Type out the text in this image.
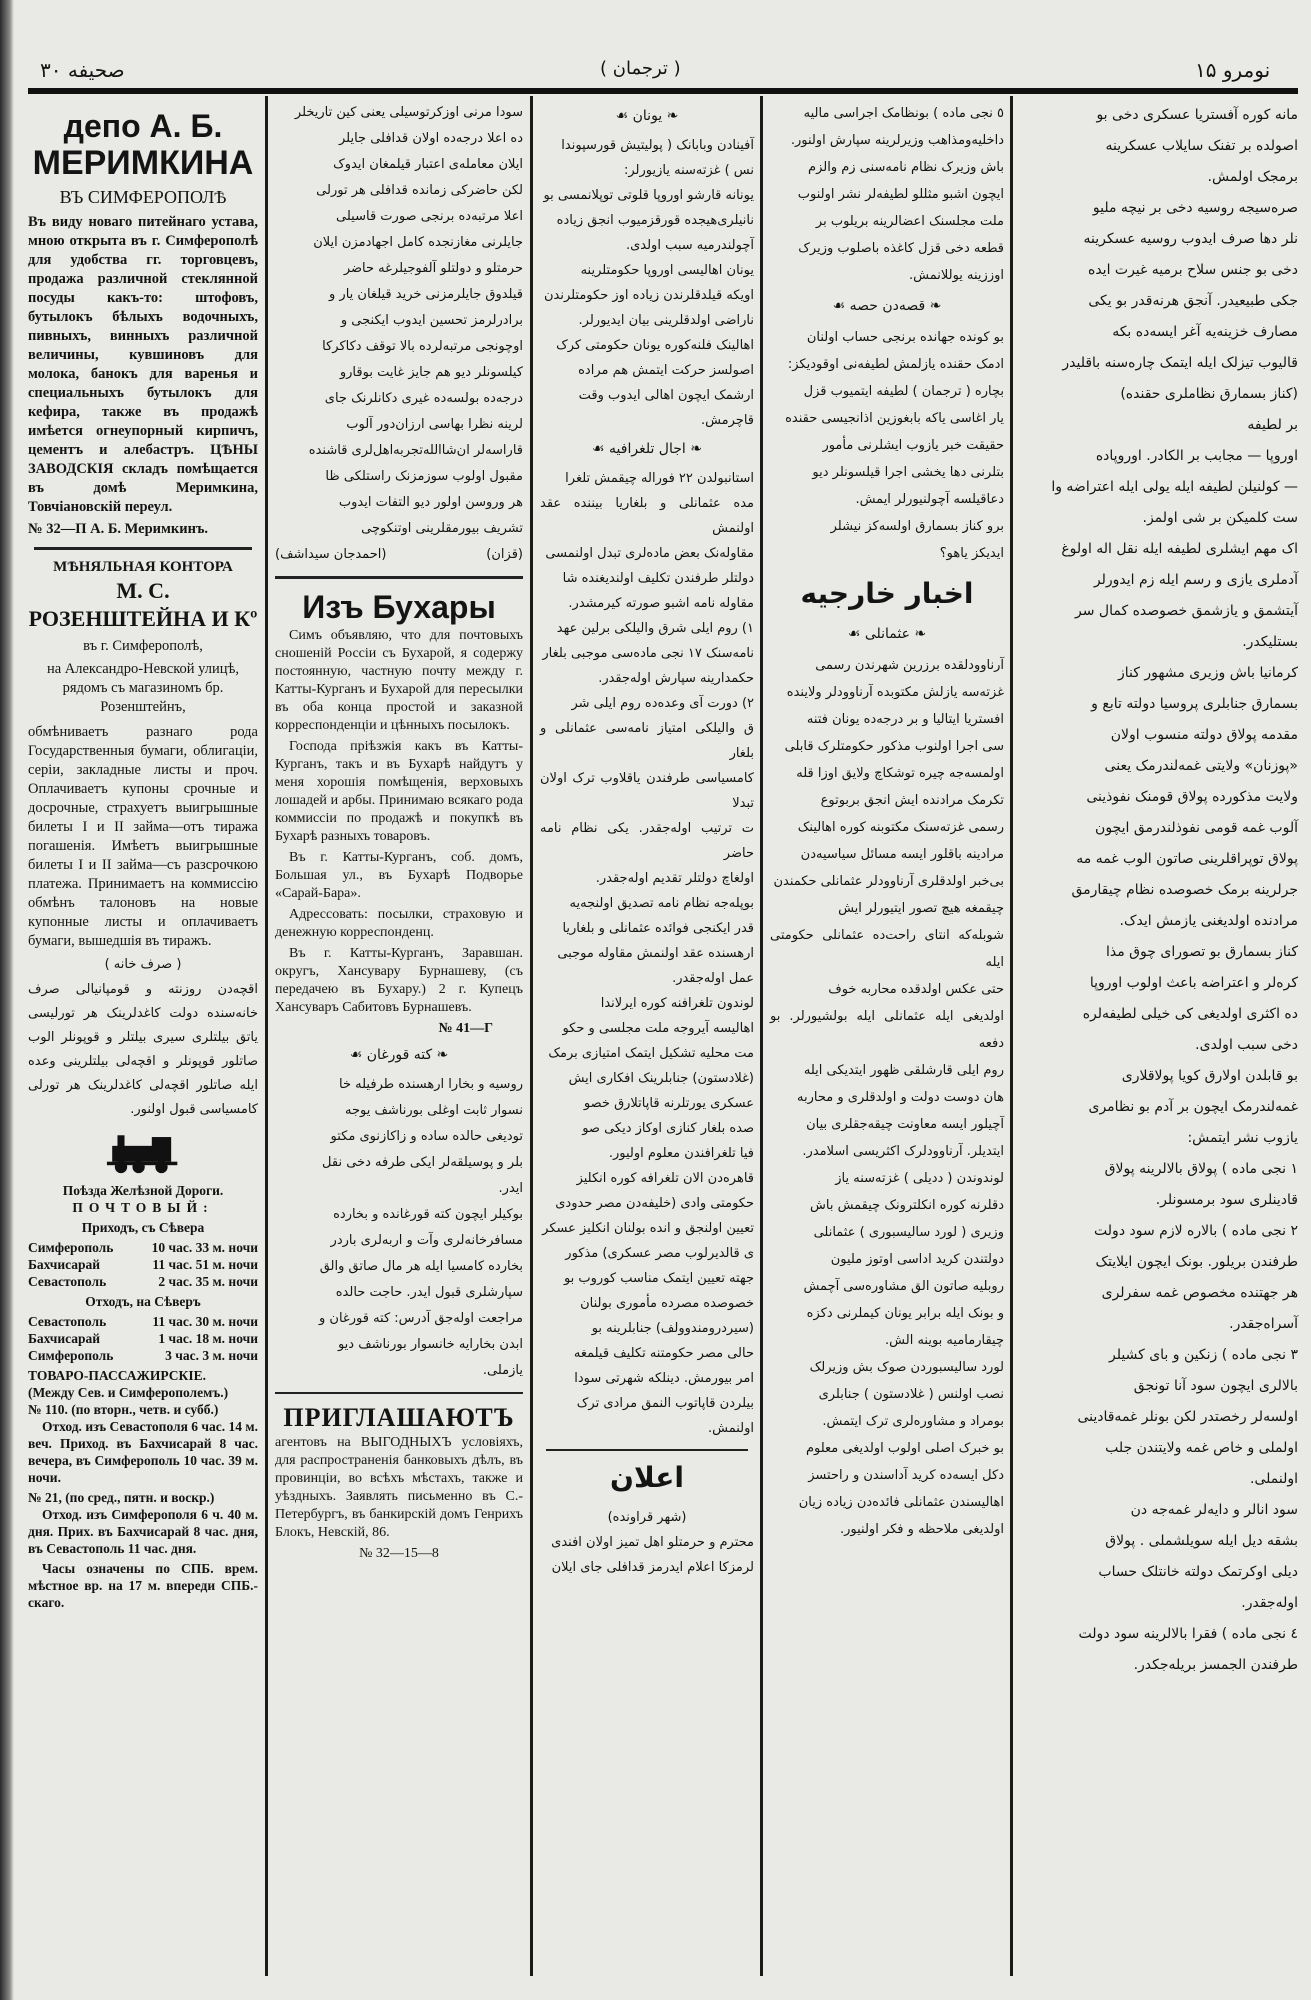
صحیفه ۳۰	( ترجمان )	نومرو ۱۵
депо А. Б.
МЕРИМКИНА
ВЪ СИМФЕРОПОЛѢ

Въ виду новаго питейнаго устава, мною открыта въ г. Симферополѣ для удобства гг. торговцевъ, продажа различной стеклянной посуды какъ-то: штофовъ, бутылокъ бѣлыхъ водочныхъ, пивныхъ, винныхъ различной величины, кувшиновъ для молока, банокъ для варенья и специальныхъ бутылокъ для кефира, также въ продажѣ имѣется огнеупорный кирпичъ, цементъ и алебастръ. ЦѢНЫ ЗАВОДСКІЯ складъ помѣщается въ домѣ Меримкина, Товчіановскій переул.

№ 32—П А. Б. Меримкинъ.
МѢНЯЛЬНАЯ КОНТОРА
М. С. РОЗЕНШТЕЙНА И Кº
въ г. Симферополѣ,
на Александро-Невской улицѣ, рядомъ съ магазиномъ бр. Розенштейнъ,

обмѣниваетъ разнаго рода Государственныя бумаги, облигаціи, серіи, закладные листы и проч. Оплачиваетъ купоны срочные и досрочные, страхуетъ выигрышные билеты I и II займа—отъ тиража погашенія. Имѣетъ выигрышные билеты I и II займа—съ разсрочкою платежа. Принимаетъ на коммиссію обмѣнъ талоновъ на новые купонные листы и оплачиваетъ бумаги, вышедшія въ тиражъ.

( صرف خانه )
اقچه‌دن روزنته و قومپانیا‌لی صرف خانه‌سنده دولت کاغدلرینک هر تورلیسی یاتق بیلتلری سیری بیلتلر و قوپونلر الوب صاتلور قوپونلر و اقچه‌لی بیلتلرینی وعده ایله صاتلور اقچه‌لی کاغدلرینک هر تورلی کامسیاسی قبول اولنور.
Поѣзда Желѣзной Дороги.
ПОЧТОВЫЙ:
Приходъ, съ Сѣвера
Симферополь	10 час. 33 м. ночи
Бахчисарай	11 час. 51 м. ночи
Севастополь	2 час. 35 м. ночи
Отходъ, на Сѣверъ
Севастополь	11 час. 30 м. ночи
Бахчисарай	1 час. 18 м. ночи
Симферополь	3 час. 3 м. ночи
ТОВАРО-ПАССАЖИРСКІЕ.
(Между Сев. и Симферополемъ.)
№ 110. (по вторн., четв. и субб.)

Отход. изъ Севастополя 6 час. 14 м. веч. Приход. въ Бахчисарай 8 час. вечера, въ Симферополь 10 час. 39 м. ночи.

№ 21, (по сред., пятн. и воскр.)

Отход. изъ Симферополя 6 ч. 40 м. дня. Прих. въ Бахчисарай 8 час. дня, въ Севастополь 11 час. дня.

Часы означены по СПБ. врем. мѣстное вр. на 17 м. впереди СПБ.-скаго.

سودا مرنی اوزکرتوسیلی یعنی کین تاریخلر

ده اعلا درجه‌ده اولان قدافلی جایلر

ایلان معامله‌ی اعتبار قیلمغان ایدوک

لکن حاضرکی زمانده قدافلی هر تورلی

اعلا مرتبه‌ده برنجی صورت قاسیلی

جایلرنی مغازنجده کامل اجهادمزن ایلان

حرمتلو و دولتلو آلفوجیلرغه حاضر

قیلدوق جایلرمزنی خرید قیلغان یار و

برادرلرمز تحسین ایدوب ایکنجی و

اوچونجی مرتبه‌لرده بالا توقف دکاکرکا

کیلسونلر دیو هم جایز غایت بوقارو

درجه‌ده بولسه‌ده غیری دکانلرنک جای

لرینه نظرا بهاسی ارزان‌دور آلوب

قاراسه‌لر ان‌شاالله‌تجربه‌اهل‌لری قاشنده

مقبول اولوب سوزمزنک راستلکی ظا

هر وروسن اولور دیو التفات ایدوب

تشریف بیورمقلرینی اوتنکوچی

(قزان)
(احمدجان سیداشف)
Изъ Бухары

Симъ объявляю, что для почтовыхъ сношеній Россіи съ Бухарой, я содержу постоянную, частную почту между г. Катты-Курганъ и Бухарой для пересылки въ оба конца простой и заказной корреспонденціи и цѣнныхъ посылокъ.

Господа пріѣзжія какъ въ Катты-Курганъ, такъ и въ Бухарѣ найдутъ у меня хорошія помѣщенія, верховыхъ лошадей и арбы. Принимаю всякаго рода коммиссіи по продажѣ и покупкѣ въ Бухарѣ разныхъ товаровъ.

Въ г. Катты-Курганъ, соб. домъ, Большая ул., въ Бухарѣ Подворье «Сарай-Бара».

Адрессовать: посылки, страховую и денежную корреспонденц.

Въ г. Катты-Курганъ, Заравшан. округъ, Хансувару Бурнашеву, (съ передачею въ Бухару.) 2 г. Купецъ Хансуваръ Сабитовъ Бурнашевъ.

№ 41—Г
❧ کته قورغان ☙

روسیه و بخارا ارهسنده طرفیله خا

نسوار ثابت اوغلی بورناشف یوجه

تودیغی حالده ساده و زاکازنوی مکتو

بلر و پوسیلقه‌لر ایکی طرفه دخی نقل

ایدر.

بوکیلر ایچون کته قورغانده و بخارده

مسافرخانه‌لری وآت و اربه‌لری باردر

بخارده کامسیا ایله هر مال صاتق والق

سپارشلری قبول ایدر. حاجت حالده

مراجعت اوله‌جق آدرس: کته قورغان و

ابدن بخارایه خانسوار بورناشف دیو

یازملی.

ПРИГЛАШАЮТЪ

агентовъ на ВЫГОДНЫХЪ условіяхъ, для распространенія банковыхъ дѣлъ, въ провинціи, во всѣхъ мѣстахъ, также и уѣздныхъ. Заявлять письменно въ С.-Петербургъ, въ банкирскій домъ Генрихъ Блокъ, Невскій, 86.

№ 32—15—8
❧ یونان ☙

آفینادن وبابانک ( پولیتیش قورسپوندا

نس ) غزته‌سنه یازیورلر:

یونانه قارشو اوروپا قلوتی توپلانمسی بو

نانیلری‌هیجده قورقزمیوب انجق زیاده

آچولندرمیه سبب اولدی.

یونان اهالیسی اوروپا حکومتلرینه

اویکه قیلدقلرندن زیاده اوز حکومتلرندن

ناراضی اولدقلرینی بیان ایدیورلر.

اهالینک فلنه‌کوره یونان حکومتی کرک

اصولسز حرکت ایتمش هم مراده

ارشمک ایچون اهالی ایدوب وقت

قاچرمش.

❧ اجال تلغرافیه ☙

استانبولدن ۲۲ فوراله چیقمش تلغرا

مده عثمانلی و بلغاریا بیننده عقد اولنمش

مقاوله‌نک بعض ماده‌لری تبدل اولنمسی

دولتلر طرفندن تکلیف اولندیغنده شا

مقاوله نامه اشبو صورته کیرمشدر.

۱) روم ایلی شرق والیلکی برلین عهد

نامه‌سنک ۱۷ نجی ماده‌سی موجبی بلغار

حکمدارینه سپارش اوله‌جقدر.

۲) دورت آی وعده‌ده روم ایلی شر

ق والیلکی امتیاز نامه‌سی عثمانلی و بلغار

کامسیاسی طرفندن یاقلاوب ترک اولان تبدلا

ت ترتیب اوله‌جقدر. یکی نظام نامه حاضر

اولغاچ دولتلر تقدیم اوله‌جقدر.

بوپله‌جه نظام نامه تصدیق اولنجه‌یه

قدر ایکنجی فوائده عثمانلی و بلغاریا

ارهسنده عقد اولنمش مقاوله موجبی

عمل اوله‌جقدر.

لوندون تلغرافنه کوره ایرلاندا

اهالیسه آیروجه ملت مجلسی و حکو

مت محلیه تشکیل ایتمک امتیازی برمک

(غلادستون) جنابلرینک افکاری ایش

عسکری یورتلرنه قاپاتلارق خصو

صده بلغار کنازی اوکاز دیکی صو

فیا تلغرافندن معلوم اولیور.

قاهره‌دن الان تلغرافه کوره انکلیز

حکومتی وادی (خلیفه‌دن مصر حدودی

تعیین اولنجق و انده بولنان انکلیز عسکر

ی قالدیرلوب مصر عسکری) مذکور

جهته تعیین ایتمک مناسب کوروب بو

خصوصده مصرده مأموری بولنان

(سیردرومندوولف) جنابلرینه بو

حالی مصر حکومتنه تکلیف قیلمغه

امر بیورمش. دینلکه شهرتی سودا

بیلردن قاپاتوب النمق مرادی ترک

اولنمش.

اعلان
(شهر قراونده)

محترم و حرمتلو اهل تمیز اولان افندی

لرمزکا اعلام ایدرمز قدافلی جای ایلان

٥ نجی ماده ) بونظامک اجراسی مالیه

داخلیه‌ومذاهب وزیرلرینه سپارش اولنور.

باش وزیرک نظام نامه‌سنی زم والزم

ایچون اشبو مثللو لطیفه‌لر نشر اولنوب

ملت مجلسنک اعضالرینه بریلوب بر

قطعه دخی قزل کاغذه باصلوب وزیرک

اوززینه یوللانمش.

❧ قصه‌دن حصه ☙

بو کونده جهانده برنجی حساب اولنان

ادمک حقنده یازلمش لطیفه‌نی اوقودیکز:

بچاره ( ترجمان ) لطیفه ایتمیوب قزل

یار اغاسی یاکه بابغوزین اذانجیسی حقنده

حقیقت خبر یازوب ایشلرنی مأمور

بتلرنی دها یخشی اجرا قیلسونلر دیو

دعاقیلسه آچولنیورلر ایمش.

برو کناز بسمارق اولسه‌کز نیشلر

ایدیکز یاهو؟

اخبار خارجیه
❧ عثمانلی ☙

آرناوودلقده برزرین شهرندن رسمی

غزته‌سه یازلش مکتوبده آرناوودلر ولاینده

افستریا ایتالیا و بر درجه‌ده یونان فتنه

سی اجرا اولنوب مذکور حکومتلرک قابلی

اولمسه‌جه چیره توشکاچ ولایق اوزا قله

تکرمک مرادنده ایش انجق بربوتوع

رسمی غزته‌سنک مکتوبنه کوره اهالینک

مرادینه باقلور ایسه مسائل سیاسیه‌دن

بی‌خبر اولدقلری آرناوودلر عثمانلی حکمندن

چیقمغه هیچ تصور ایتیورلر ایش

شوبله‌که انتای راحت‌ده عثمانلی حکومتی ایله

حتی عکس اولدقده محاربه خوف

اولدیغی ایله عثمانلی ایله بولشیورلر. بو دفعه

روم ایلی قارشلقی ظهور ایتدیکی ایله

هان دوست دولت و اولدقلری و محاربه

آچیلور ایسه معاونت چیقه‌جقلری بیان

ایتدیلر. آرناوودلرک اکثریسی اسلامدر.

لوندوندن ( ددیلی ) غزته‌سنه یاز

دقلرنه کوره انکلترونک چیقمش باش

وزیری ( لورد سالیسبوری ) عثمانلی

دولتندن کرید اداسی اوتوز ملیون

روبلیه صاتون الق مشاوره‌سی آچمش

و بونک ایله برابر یونان کیملرنی دکزه

چیقارمامیه بوینه الش.

لورد سالیسبوردن صوک بش وزیرلک

نصب اولنس ( غلادستون ) جنابلری

بومراد و مشاوره‌لری ترک ایتمش.

بو خبرک اصلی اولوب اولدیغی معلوم

دکل ایسه‌ده کرید آداسندن و راحتسز

اهالیسندن عثمانلی فائده‌دن زیاده زیان

اولدیغی ملاحظه و فکر اولنیور.

مانه کوره آفستریا عسکری دخی بو

اصولده بر تفنک سایلاب عسکرینه

برمجک اولمش.

صره‌سیجه روسیه دخی بر نیچه ملیو

نلر دها صرف ایدوب روسیه عسکرینه

دخی بو جنس سلاح برمیه غیرت ایده

جکی طبیعیدر. آنجق هرنه‌قدر بو یکی

مصارف خزینه‌یه آغر ایسه‌ده بکه

قالیوب تیزلک ایله ایتمک چاره‌سنه باقلیدر

(کناز بسمارق نظاملری حقنده)

بر لطیفه

اوروپا — مجابب بر الکادر. اوروپاده

— کولنیلن لطیفه ایله یولی ایله اعتراضه وا

ست کلمیکن بر شی اولمز.

اک مهم ایشلری لطیفه ایله نقل اله اولوغ

آدملری یازی و رسم ایله زم ایدورلر

آیتشمق و یازشمق خصوصده کمال سر

بستلیکدر.

کرمانیا باش وزیری مشهور کناز

بسمارق جنابلری پروسیا دولته تابع و

مقدمه پولاق دولته منسوب اولان

«پوزنان» ولایتی غمه‌لندرمک یعنی

ولایت مذکورده پولاق قومنک نفوذینی

آلوب غمه قومی نفوذلندرمق ایچون

پولاق توپراقلرینی صاتون الوب غمه مه

جرلرینه برمک خصوصده نظام چیقارمق

مرادنده اولدیغنی یازمش ایدک.

کناز بسمارق بو تصورای چوق مذا

کره‌لر و اعتراضه باعث اولوب اوروپا

ده اکثری اولدیغی کی خیلی لطیفه‌لره

دخی سبب اولدی.

بو قابلدن اولارق کویا پولاقلاری

غمه‌لندرمک ایچون بر آدم بو نظامری

یازوب نشر ایتمش:

۱ نجی ماده ) پولاق بالالرینه پولاق

قادینلری سود برمسونلر.

۲ نجی ماده ) بالاره لازم سود دولت

طرفندن بریلور. بونک ایچون ایلایتک

هر جهتنده مخصوص غمه سفرلری

آسراه‌جقدر.

۳ نجی ماده ) زنکین و بای کشیلر

بالالری ایچون سود آنا تونجق

اولسه‌لر رخصتدر لکن بونلر غمه‌قادینی

اولملی و خاص غمه ولایتندن جلب

اولنملی.

سود انالر و دایه‌لر غمه‌جه دن

بشقه دیل ایله سویلشملی . پولاق

دیلی اوکرتمک دولته خانتلک حساب

اوله‌جقدر.

٤ نجی ماده ) فقرا بالالرینه سود دولت

طرفندن الجمسز بریله‌جکدر.
